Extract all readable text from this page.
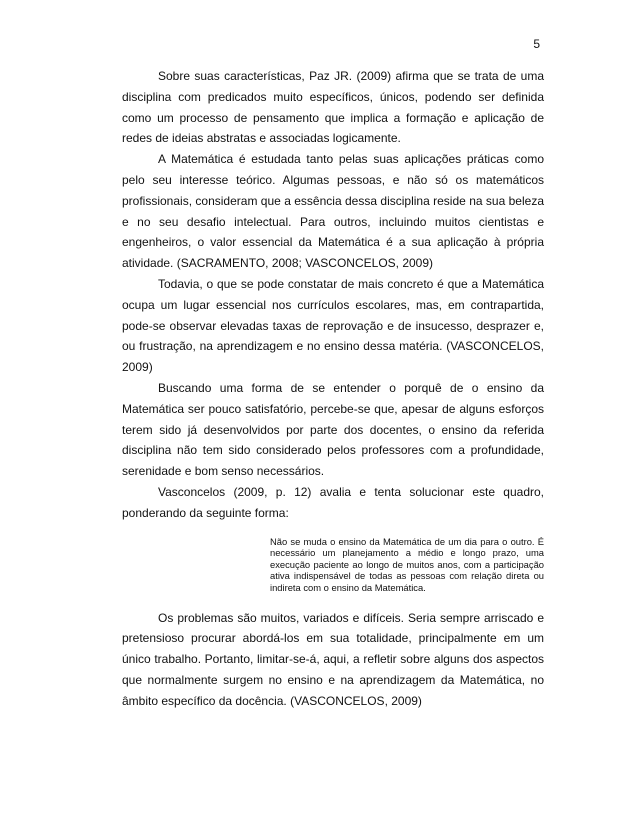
5

Sobre suas características, Paz JR. (2009) afirma que se trata de uma disciplina com predicados muito específicos, únicos, podendo ser definida como um processo de pensamento que implica a formação e aplicação de redes de ideias abstratas e associadas logicamente.

A Matemática é estudada tanto pelas suas aplicações práticas como pelo seu interesse teórico. Algumas pessoas, e não só os matemáticos profissionais, consideram que a essência dessa disciplina reside na sua beleza e no seu desafio intelectual. Para outros, incluindo muitos cientistas e engenheiros, o valor essencial da Matemática é a sua aplicação à própria atividade. (SACRAMENTO, 2008; VASCONCELOS, 2009)

Todavia, o que se pode constatar de mais concreto é que a Matemática ocupa um lugar essencial nos currículos escolares, mas, em contrapartida, pode-se observar elevadas taxas de reprovação e de insucesso, desprazer e, ou frustração, na aprendizagem e no ensino dessa matéria. (VASCONCELOS, 2009)

Buscando uma forma de se entender o porquê de o ensino da Matemática ser pouco satisfatório, percebe-se que, apesar de alguns esforços terem sido já desenvolvidos por parte dos docentes, o ensino da referida disciplina não tem sido considerado pelos professores com a profundidade, serenidade e bom senso necessários.

Vasconcelos (2009, p. 12) avalia e tenta solucionar este quadro, ponderando da seguinte forma:

Não se muda o ensino da Matemática de um dia para o outro. É necessário um planejamento a médio e longo prazo, uma execução paciente ao longo de muitos anos, com a participação ativa indispensável de todas as pessoas com relação direta ou indireta com o ensino da Matemática.

Os problemas são muitos, variados e difíceis. Seria sempre arriscado e pretensioso procurar abordá-los em sua totalidade, principalmente em um único trabalho. Portanto, limitar-se-á, aqui, a refletir sobre alguns dos aspectos que normalmente surgem no ensino e na aprendizagem da Matemática, no âmbito específico da docência. (VASCONCELOS, 2009)
